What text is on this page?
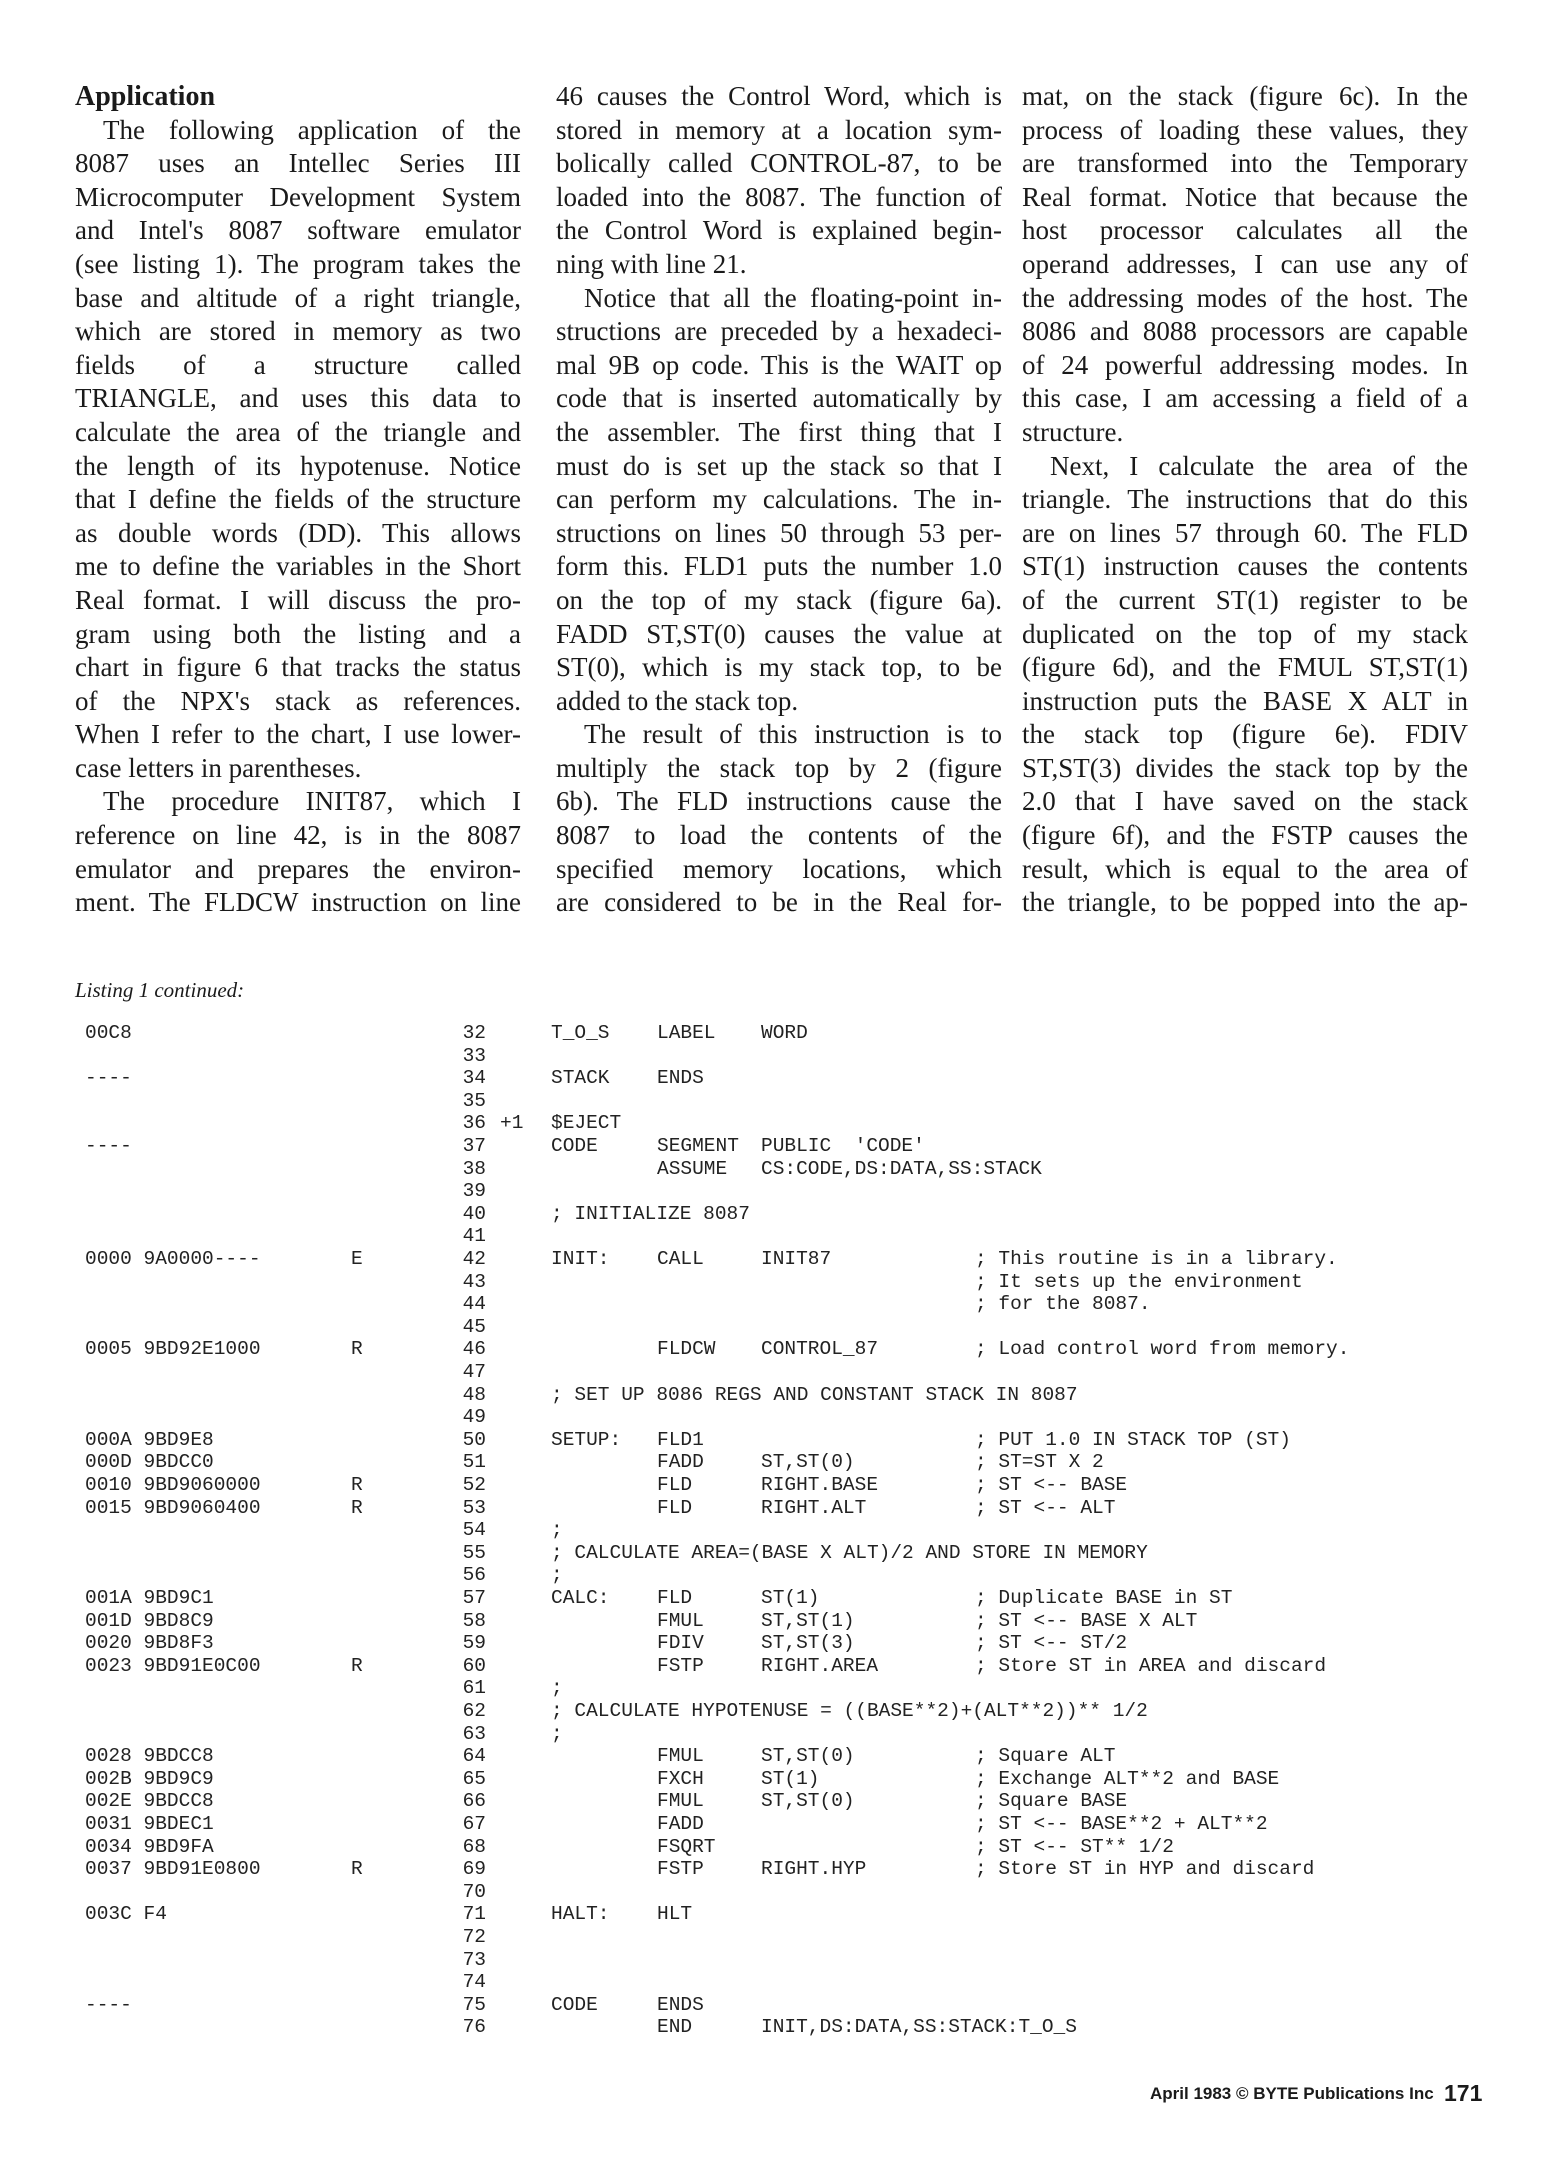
Application
The following application of the
8087 uses an Intellec Series III
Microcomputer Development System
and Intel's 8087 software emulator
(see listing 1). The program takes the
base and altitude of a right triangle,
which are stored in memory as two
fields of a structure called
TRIANGLE, and uses this data to
calculate the area of the triangle and
the length of its hypotenuse. Notice
that I define the fields of the structure
as double words (DD). This allows
me to define the variables in the Short
Real format. I will discuss the pro-
gram using both the listing and a
chart in figure 6 that tracks the status
of the NPX's stack as references.
When I refer to the chart, I use lower-
case letters in parentheses.
The procedure INIT87, which I
reference on line 42, is in the 8087
emulator and prepares the environ-
ment. The FLDCW instruction on line
46 causes the Control Word, which is
stored in memory at a location sym-
bolically called CONTROL-87, to be
loaded into the 8087. The function of
the Control Word is explained begin-
ning with line 21.
Notice that all the floating-point in-
structions are preceded by a hexadeci-
mal 9B op code. This is the WAIT op
code that is inserted automatically by
the assembler. The first thing that I
must do is set up the stack so that I
can perform my calculations. The in-
structions on lines 50 through 53 per-
form this. FLD1 puts the number 1.0
on the top of my stack (figure 6a).
FADD ST,ST(0) causes the value at
ST(0), which is my stack top, to be
added to the stack top.
The result of this instruction is to
multiply the stack top by 2 (figure
6b). The FLD instructions cause the
8087 to load the contents of the
specified memory locations, which
are considered to be in the Real for-
mat, on the stack (figure 6c). In the
process of loading these values, they
are transformed into the Temporary
Real format. Notice that because the
host processor calculates all the
operand addresses, I can use any of
the addressing modes of the host. The
8086 and 8088 processors are capable
of 24 powerful addressing modes. In
this case, I am accessing a field of a
structure.
Next, I calculate the area of the
triangle. The instructions that do this
are on lines 57 through 60. The FLD
ST(1) instruction causes the contents
of the current ST(1) register to be
duplicated on the top of my stack
(figure 6d), and the FMUL ST,ST(1)
instruction puts the BASE X ALT in
the stack top (figure 6e). FDIV
ST,ST(3) divides the stack top by the
2.0 that I have saved on the stack
(figure 6f), and the FSTP causes the
result, which is equal to the area of
the triangle, to be popped into the ap-
Listing 1 continued:
00C8	32	T_O_S LABEL WORD
33
----	34	STACK ENDS
35
36 +1 $EJECT
----	37	CODE	SEGMENT PUBLIC  'CODE'
38	ASSUME CS:CODE,DS:DATA,SS:STACK
39
40	; INITIALIZE 8087
41
0000 9A0000----	E	42	INIT: CALL	INIT87	; This routine is in a library.
43	; It sets up the environment
44	; for the 8087.
45
0005 9BD92E1000	R	46	FLDCW CONTROL_87	; Load control word from memory.
47
48	; SET UP 8086 REGS AND CONSTANT STACK IN 8087
49
000A 9BD9E8	50	SETUP: FLD1	; PUT 1.0 IN STACK TOP (ST)
000D 9BDCC0	51	FADD	ST,ST(0)	; ST=ST X 2
0010 9BD9060000	R	52	FLD	RIGHT.BASE	; ST <-- BASE
0015 9BD9060400	R	53	FLD	RIGHT.ALT	; ST <-- ALT
54	;
55	; CALCULATE AREA=(BASE X ALT)/2 AND STORE IN MEMORY
56	;
001A 9BD9C1	57	CALC: FLD	ST(1)	; Duplicate BASE in ST
001D 9BD8C9	58	FMUL	ST,ST(1)	; ST <-- BASE X ALT
0020 9BD8F3	59	FDIV	ST,ST(3)	; ST <-- ST/2
0023 9BD91E0C00	R	60	FSTP	RIGHT.AREA	; Store ST in AREA and discard
61	;
62	; CALCULATE HYPOTENUSE = ((BASE**2)+(ALT**2))** 1/2
63	;
0028 9BDCC8	64	FMUL	ST,ST(0)	; Square ALT
002B 9BD9C9	65	FXCH	ST(1)	; Exchange ALT**2 and BASE
002E 9BDCC8	66	FMUL	ST,ST(0)	; Square BASE
0031 9BDEC1	67	FADD	; ST <-- BASE**2 + ALT**2
0034 9BD9FA	68	FSQRT	; ST <-- ST** 1/2
0037 9BD91E0800	R	69	FSTP	RIGHT.HYP	; Store ST in HYP and discard
70
003C F4	71	HALT: HLT
72
73
74
----	75	CODE	ENDS
76	END	INIT,DS:DATA,SS:STACK:T_O_S
April 1983 © BYTE Publications Inc 171
